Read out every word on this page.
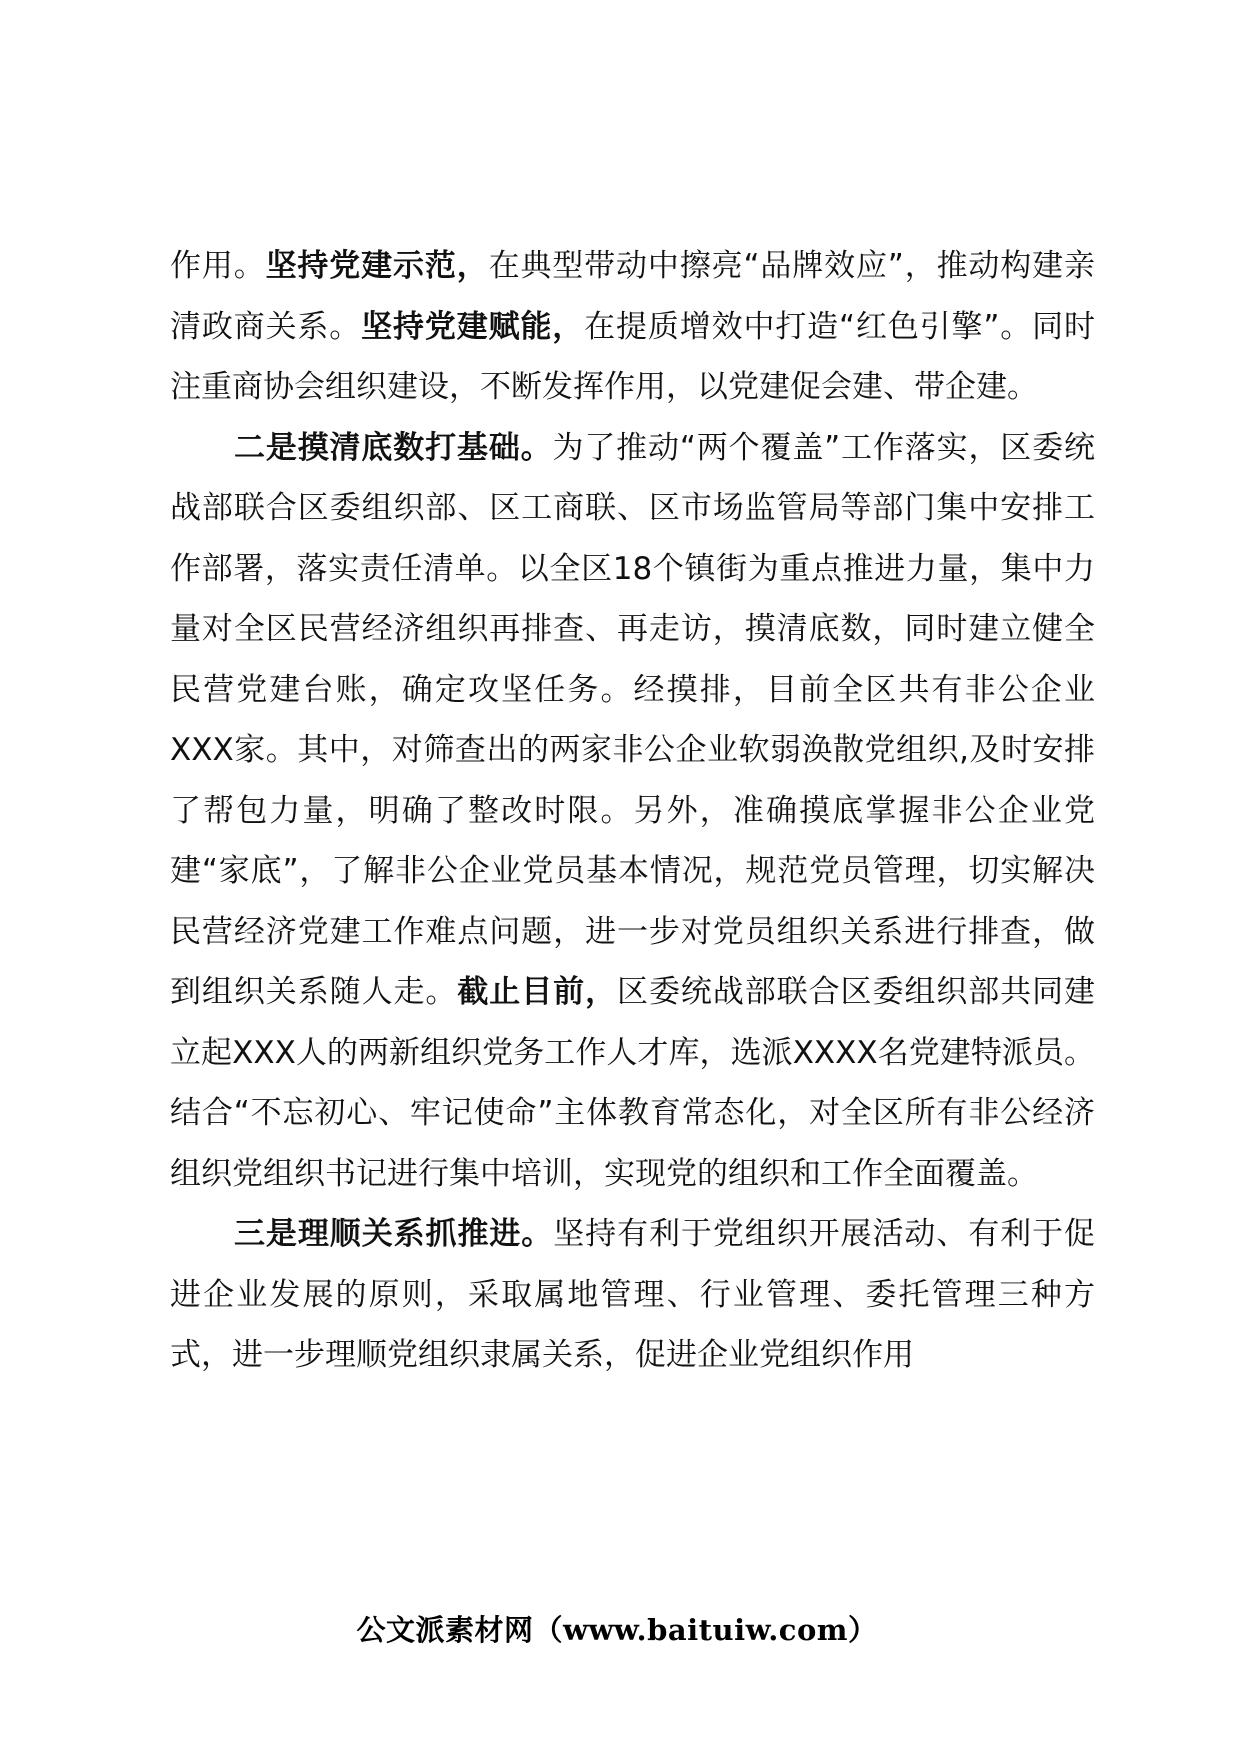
作用。坚持党建示范，在典型带动中擦亮“品牌效应”，推动构建亲清政商关系。坚持党建赋能，在提质增效中打造“红色引擎”。同时注重商协会组织建设，不断发挥作用，以党建促会建、带企建。

二是摸清底数打基础。为了推动“两个覆盖”工作落实，区委统战部联合区委组织部、区工商联、区市场监管局等部门集中安排工作部署，落实责任清单。以全区18个镇街为重点推进力量，集中力量对全区民营经济组织再排查、再走访，摸清底数，同时建立健全民营党建台账，确定攻坚任务。经摸排，目前全区共有非公企业XXX家。其中，对筛查出的两家非公企业软弱涣散党组织,及时安排了帮包力量，明确了整改时限。另外，准确摸底掌握非公企业党建“家底”，了解非公企业党员基本情况，规范党员管理，切实解决民营经济党建工作难点问题，进一步对党员组织关系进行排查，做到组织关系随人走。截止目前，区委统战部联合区委组织部共同建立起XXX人的两新组织党务工作人才库，选派XXXX名党建特派员。结合“不忘初心、牢记使命”主体教育常态化，对全区所有非公经济组织党组织书记进行集中培训，实现党的组织和工作全面覆盖。

三是理顺关系抓推进。坚持有利于党组织开展活动、有利于促进企业发展的原则，采取属地管理、行业管理、委托管理三种方式，进一步理顺党组织隶属关系，促进企业党组织作用

公文派素材网（www.baituiw.com）
